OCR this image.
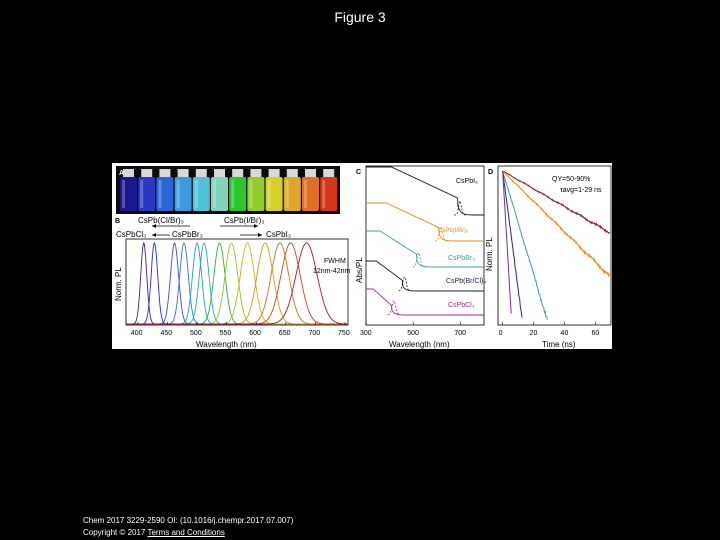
Figure 3
A
B CsPb(Cl/Br)₃	CsPb(I/Br)₃
CsPbCl₃	CsPbBr₃	CsPbI₃
FWHM
12nm-42nm
Norm. PL
400	450	500	550	600	650	700	750
Wavelength (nm)
C
Abs/PL
300	500	700
CsPbI₃
CsPb(I/Br)₃
CsPbBr₃
CsPb(Br/Cl)₃
CsPbCl₃
Wavelength (nm)
D
Norm. PL
0	20	40	60
QY=50-90%
τavg=1-29 ns
Time (ns)
Chem 2017 3229-2590 OI: (10.1016/j.chempr.2017.07.007)
Copyright © 2017 Terms and Conditions
